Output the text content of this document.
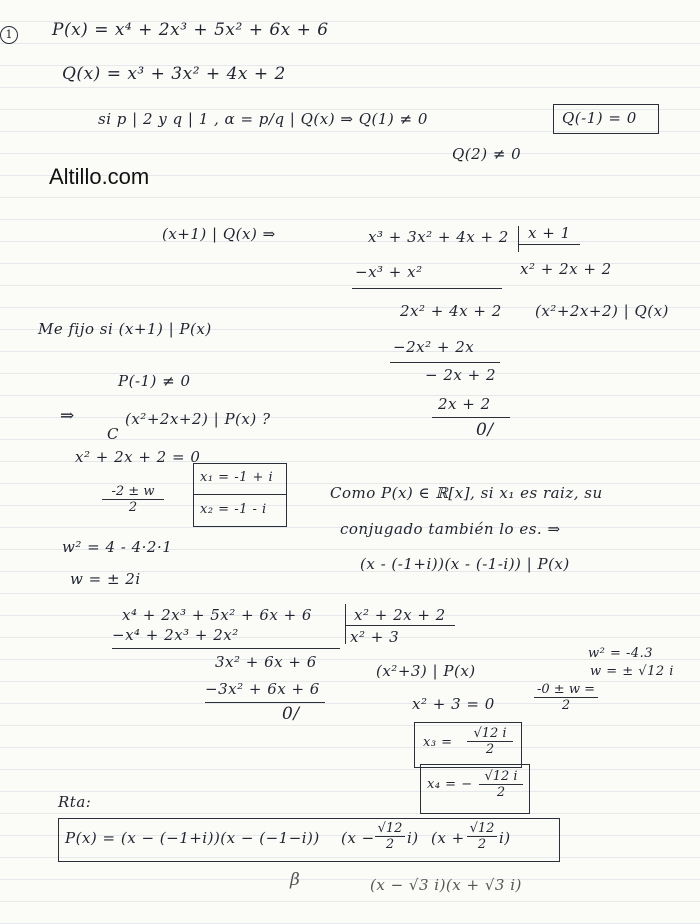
1	P(x) = x⁴ + 2x³ + 5x² + 6x + 6
Q(x) = x³ + 3x² + 4x + 2
si p | 2 y q | 1 , α = p/q | Q(x) ⇒ Q(1) ≠ 0	Q(-1) = 0
Q(2) ≠ 0
Altillo.com
(x+1) | Q(x) ⇒	x³ + 3x² + 4x + 2 x + 1
x² + 2x + 2
−x³ + x²
2x² + 4x + 2
−2x² + 2x
− 2x + 2
2x + 2
0/
(x²+2x+2) | Q(x)
Me fijo si (x+1) | P(x)
P(-1) ≠ 0
⇒	(x²+2x+2) | P(x) ?
C
x² + 2x + 2 = 0
$\frac{-2 \pm w}{2}$
x₁ = -1 + i
x₂ = -1 - i
w² = 4 - 4·2·1
w = ± 2i
Como P(x) ∈ ℝ[x], si x₁ es raiz, su
conjugado también lo es. ⇒
(x - (-1+i))(x - (-1-i)) | P(x)
x⁴ + 2x³ + 5x² + 6x + 6	x² + 2x + 2
x² + 3
−x⁴ + 2x³ + 2x²
3x² + 6x + 6
−3x² + 6x + 6
0/
(x²+3) | P(x)
x² + 3 = 0
w² = -4.3
w = ± √12 i
$\frac{-0 \pm w =}{2}$
$x_3 = \frac{√12 i}{2}$
x₄ = − $\frac{√12 i}{2}$
Rta:
P(x) = (x − (−1+i))(x − (−1−i)) $(x - \frac{√12}{2} i)$ $(x + \frac{√12}{2} i)$
β	(x − √3 i)(x + √3 i)
